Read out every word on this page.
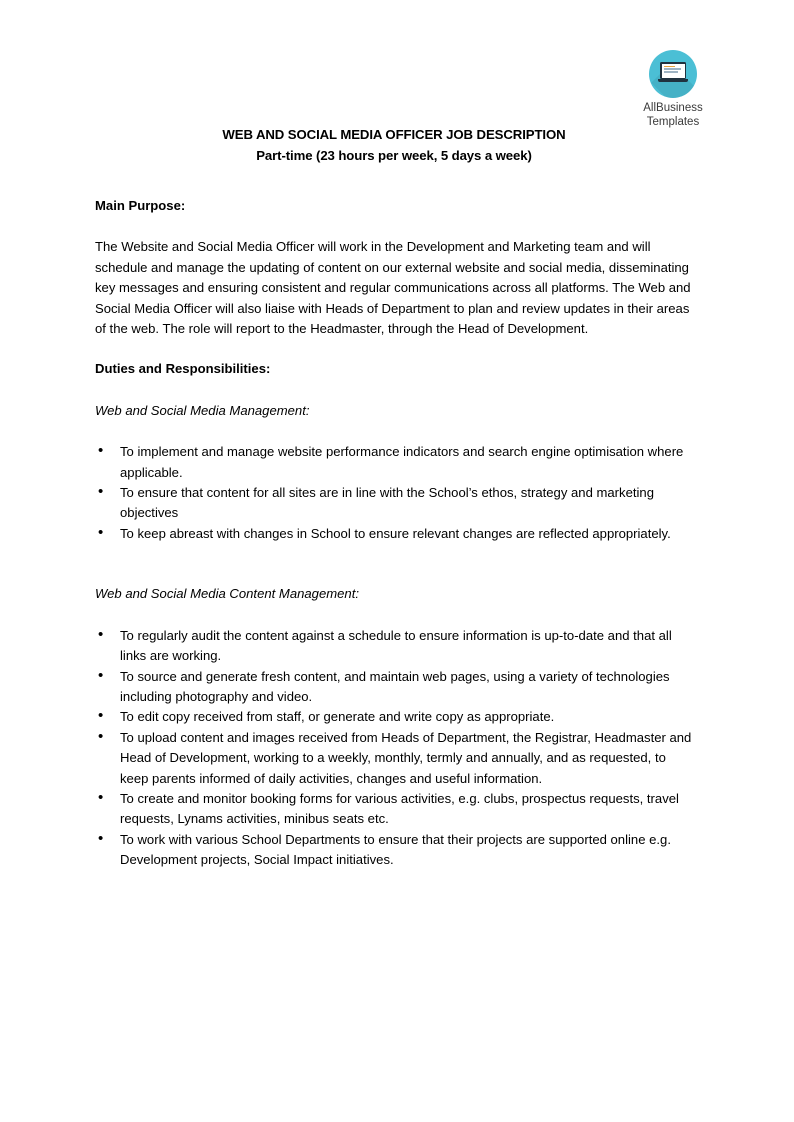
AllBusiness
Templates
WEB AND SOCIAL MEDIA OFFICER JOB DESCRIPTION
Part-time (23 hours per week, 5 days a week)
Main Purpose:
The Website and Social Media Officer will work in the Development and Marketing team and will schedule and manage the updating of content on our external website and social media, disseminating key messages and ensuring consistent and regular communications across all platforms. The Web and Social Media Officer will also liaise with Heads of Department to plan and review updates in their areas of the web. The role will report to the Headmaster, through the Head of Development.
Duties and Responsibilities:
Web and Social Media Management:
• To implement and manage website performance indicators and search engine optimisation where applicable.
• To ensure that content for all sites are in line with the School’s ethos, strategy and marketing objectives
• To keep abreast with changes in School to ensure relevant changes are reflected appropriately.
Web and Social Media Content Management:
• To regularly audit the content against a schedule to ensure information is up-to-date and that all links are working.
• To source and generate fresh content, and maintain web pages, using a variety of technologies including photography and video.
• To edit copy received from staff, or generate and write copy as appropriate.
• To upload content and images received from Heads of Department, the Registrar, Headmaster and Head of Development, working to a weekly, monthly, termly and annually, and as requested, to keep parents informed of daily activities, changes and useful information.
• To create and monitor booking forms for various activities, e.g. clubs, prospectus requests, travel requests, Lynams activities, minibus seats etc.
• To work with various School Departments to ensure that their projects are supported online e.g. Development projects, Social Impact initiatives.
